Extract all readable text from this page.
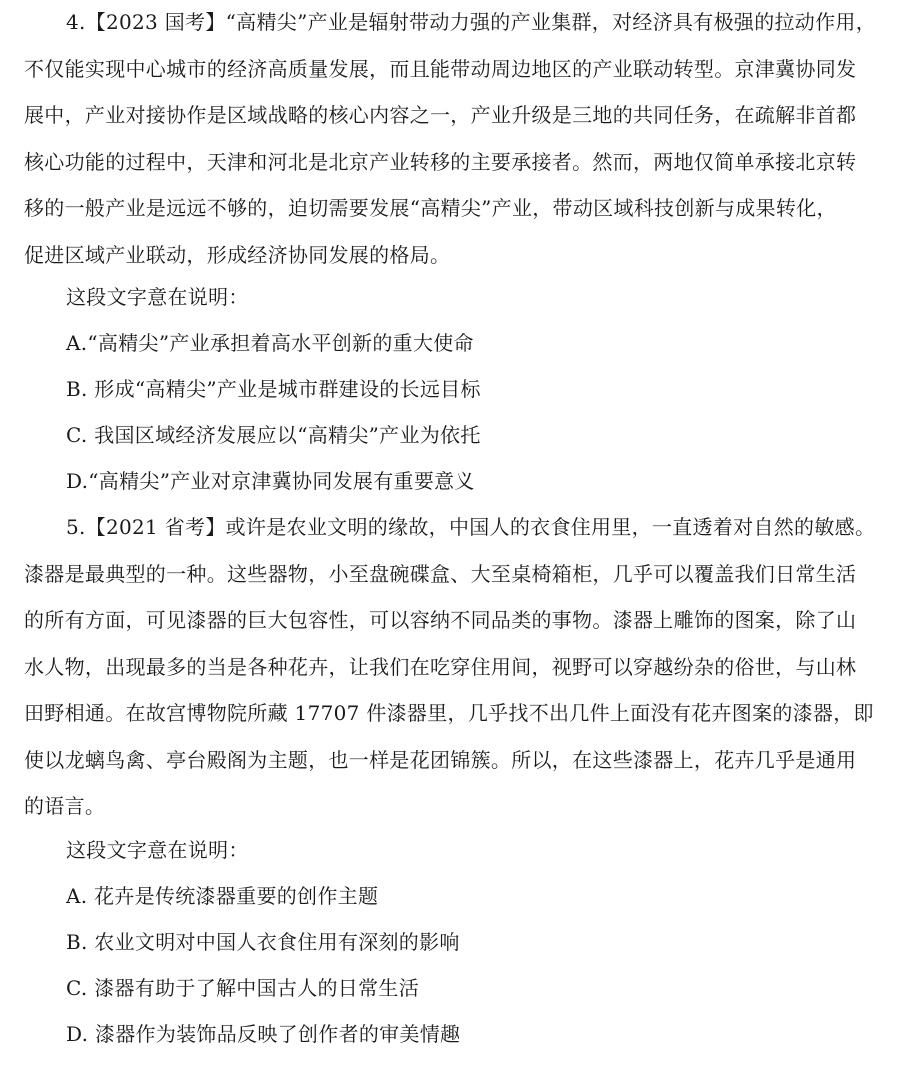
4.【2023 国考】“高精尖”产业是辐射带动力强的产业集群，对经济具有极强的拉动作用，

不仅能实现中心城市的经济高质量发展，而且能带动周边地区的产业联动转型。京津冀协同发

展中，产业对接协作是区域战略的核心内容之一，产业升级是三地的共同任务，在疏解非首都

核心功能的过程中，天津和河北是北京产业转移的主要承接者。然而，两地仅简单承接北京转

移的一般产业是远远不够的，迫切需要发展“高精尖”产业，带动区域科技创新与成果转化，

促进区域产业联动，形成经济协同发展的格局。

这段文字意在说明：

A.“高精尖”产业承担着高水平创新的重大使命

B. 形成“高精尖”产业是城市群建设的长远目标

C. 我国区域经济发展应以“高精尖”产业为依托

D.“高精尖”产业对京津冀协同发展有重要意义

5.【2021 省考】或许是农业文明的缘故，中国人的衣食住用里，一直透着对自然的敏感。

漆器是最典型的一种。这些器物，小至盘碗碟盒、大至桌椅箱柜，几乎可以覆盖我们日常生活

的所有方面，可见漆器的巨大包容性，可以容纳不同品类的事物。漆器上雕饰的图案，除了山

水人物，出现最多的当是各种花卉，让我们在吃穿住用间，视野可以穿越纷杂的俗世，与山林

田野相通。在故宫博物院所藏 17707 件漆器里，几乎找不出几件上面没有花卉图案的漆器，即

使以龙螭鸟禽、亭台殿阁为主题，也一样是花团锦簇。所以，在这些漆器上，花卉几乎是通用

的语言。

这段文字意在说明：

A. 花卉是传统漆器重要的创作主题

B. 农业文明对中国人衣食住用有深刻的影响

C. 漆器有助于了解中国古人的日常生活

D. 漆器作为装饰品反映了创作者的审美情趣
